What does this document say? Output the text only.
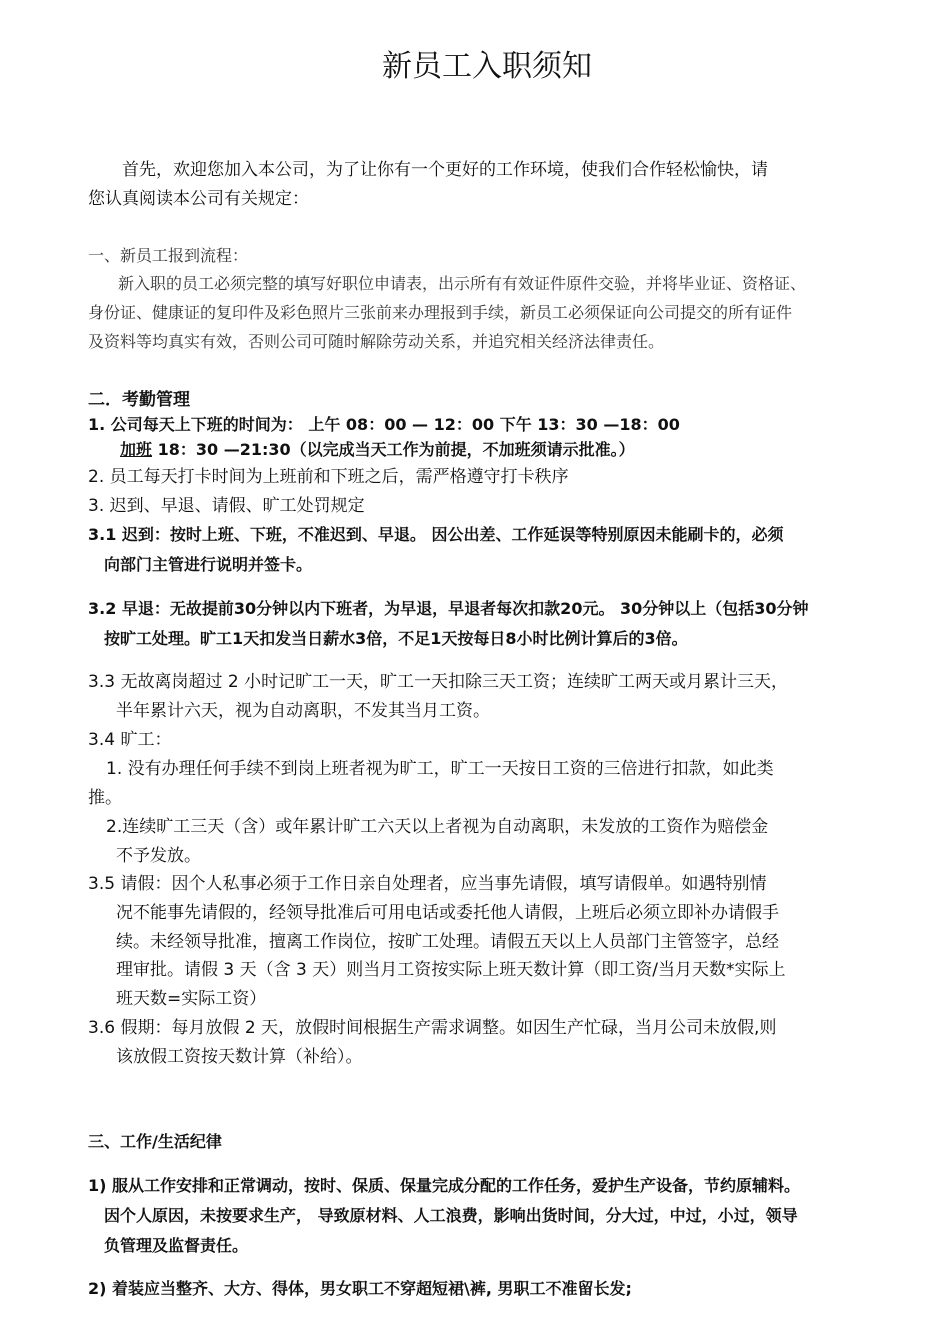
新员工入职须知
首先，欢迎您加入本公司，为了让你有一个更好的工作环境，使我们合作轻松愉快，请
您认真阅读本公司有关规定：
一、新员工报到流程：
新入职的员工必须完整的填写好职位申请表，出示所有有效证件原件交验，并将毕业证、资格证、
身份证、健康证的复印件及彩色照片三张前来办理报到手续，新员工必须保证向公司提交的所有证件
及资料等均真实有效，否则公司可随时解除劳动关系，并追究相关经济法律责任。
二．考勤管理
1. 公司每天上下班的时间为： 上午 08：00 — 12：00 下午 13：30 —18：00
加班 18：30 —21:30（以完成当天工作为前提，不加班须请示批准。）
2. 员工每天打卡时间为上班前和下班之后，需严格遵守打卡秩序
3. 迟到、早退、请假、旷工处罚规定
3.1 迟到：按时上班、下班，不准迟到、早退。 因公出差、工作延误等特别原因未能刷卡的，必须
向部门主管进行说明并签卡。
3.2 早退：无故提前30分钟以内下班者，为早退，早退者每次扣款20元。 30分钟以上（包括30分钟
按旷工处理。旷工1天扣发当日薪水3倍，不足1天按每日8小时比例计算后的3倍。
3.3 无故离岗超过 2 小时记旷工一天，旷工一天扣除三天工资；连续旷工两天或月累计三天，
半年累计六天，视为自动离职，不发其当月工资。
3.4 旷工：
1. 没有办理任何手续不到岗上班者视为旷工，旷工一天按日工资的三倍进行扣款，如此类
推。
2.连续旷工三天（含）或年累计旷工六天以上者视为自动离职，未发放的工资作为赔偿金
不予发放。
3.5 请假：因个人私事必须于工作日亲自处理者，应当事先请假，填写请假单。如遇特别情
况不能事先请假的，经领导批准后可用电话或委托他人请假，上班后必须立即补办请假手
续。未经领导批准，擅离工作岗位，按旷工处理。请假五天以上人员部门主管签字，总经
理审批。请假 3 天（含 3 天）则当月工资按实际上班天数计算（即工资/当月天数*实际上
班天数=实际工资）
3.6 假期：每月放假 2 天，放假时间根据生产需求调整。如因生产忙碌，当月公司未放假,则
该放假工资按天数计算（补给）。
三、工作/生活纪律
1) 服从工作安排和正常调动，按时、保质、保量完成分配的工作任务，爱护生产设备，节约原辅料。
因个人原因，未按要求生产， 导致原材料、人工浪费，影响出货时间，分大过，中过，小过，领导
负管理及监督责任。
2) 着装应当整齐、大方、得体，男女职工不穿超短裙\裤, 男职工不准留长发;
